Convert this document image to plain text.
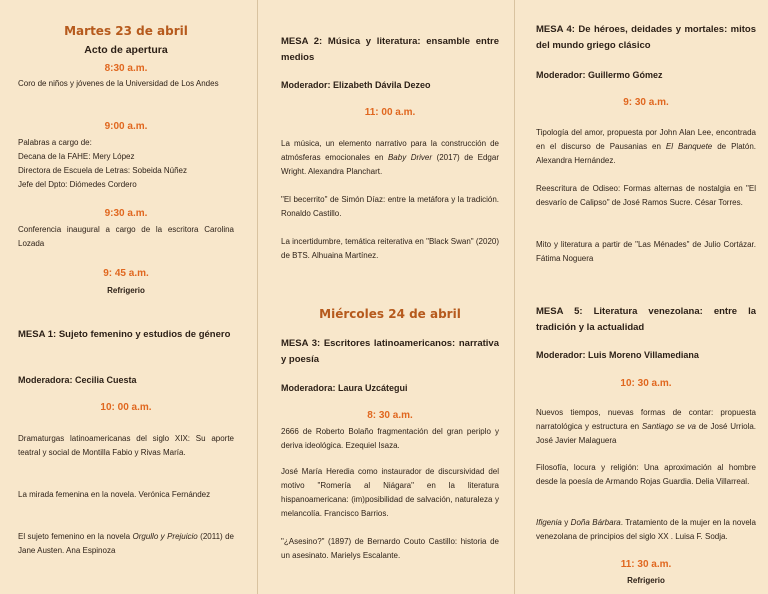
Martes 23 de abril
Acto de apertura
8:30 a.m.
Coro de niños y jóvenes de la Universidad de Los Andes
9:00 a.m.
Palabras a cargo de:
Decana de la FAHE: Mery López
Directora de Escuela de Letras: Sobeida Núñez
Jefe del Dpto: Diómedes Cordero
9:30 a.m.
Conferencia inaugural a cargo de la escritora Carolina Lozada
9: 45 a.m.
Refrigerio
MESA 1: Sujeto femenino y estudios de género
Moderadora: Cecilia Cuesta
10: 00 a.m.
Dramaturgas latinoamericanas del siglo XIX: Su aporte teatral y social de Montilla Fabio y Rivas María.
La mirada femenina en la novela. Verónica Fernández
El sujeto femenino en la novela Orgullo y Prejuicio (2011) de Jane Austen. Ana Espinoza
MESA 2: Música y literatura: ensamble entre medios
Moderador: Elizabeth Dávila Dezeo
11: 00 a.m.
La música, un elemento narrativo para la construcción de atmósferas emocionales en Baby Driver (2017) de Edgar Wright. Alexandra Planchart.
"El becerrito" de Simón Díaz: entre la metáfora y la tradición. Ronaldo Castillo.
La incertidumbre, temática reiterativa en "Black Swan" (2020) de BTS. Alhuaina Martínez.
Miércoles 24 de abril
MESA 3: Escritores latinoamericanos: narrativa y poesía
Moderadora: Laura Uzcátegui
8: 30 a.m.
2666 de Roberto Bolaño fragmentación del gran periplo y deriva ideológica. Ezequiel Isaza.
José María Heredia como instaurador de discursividad del motivo "Romería al Niágara" en la literatura hispanoamericana: (im)posibilidad de salvación, naturaleza y melancolía. Francisco Barrios.
"¿Asesino?" (1897) de Bernardo Couto Castillo: historia de un asesinato. Marielys Escalante.
MESA 4: De héroes, deidades y mortales: mitos del mundo griego clásico
Moderador: Guillermo Gómez
9: 30 a.m.
Tipología del amor, propuesta por John Alan Lee, encontrada en el discurso de Pausanias en El Banquete de Platón. Alexandra Hernández.
Reescritura de Odiseo: Formas alternas de nostalgia en "El desvarío de Calipso" de José Ramos Sucre. César Torres.
Mito y literatura a partir de "Las Ménades" de Julio Cortázar. Fátima Noguera
MESA 5: Literatura venezolana: entre la tradición y la actualidad
Moderador: Luis Moreno Villamediana
10: 30 a.m.
Nuevos tiempos, nuevas formas de contar: propuesta narratológica y estructura en Santiago se va de José Urriola. José Javier Malaguera
Filosofía, locura y religión: Una aproximación al hombre desde la poesía de Armando Rojas Guardia. Delia Villarreal.
Ifigenia y Doña Bárbara. Tratamiento de la mujer en la novela venezolana de principios del siglo XX . Luisa F. Sodja.
11: 30 a.m.
Refrigerio
